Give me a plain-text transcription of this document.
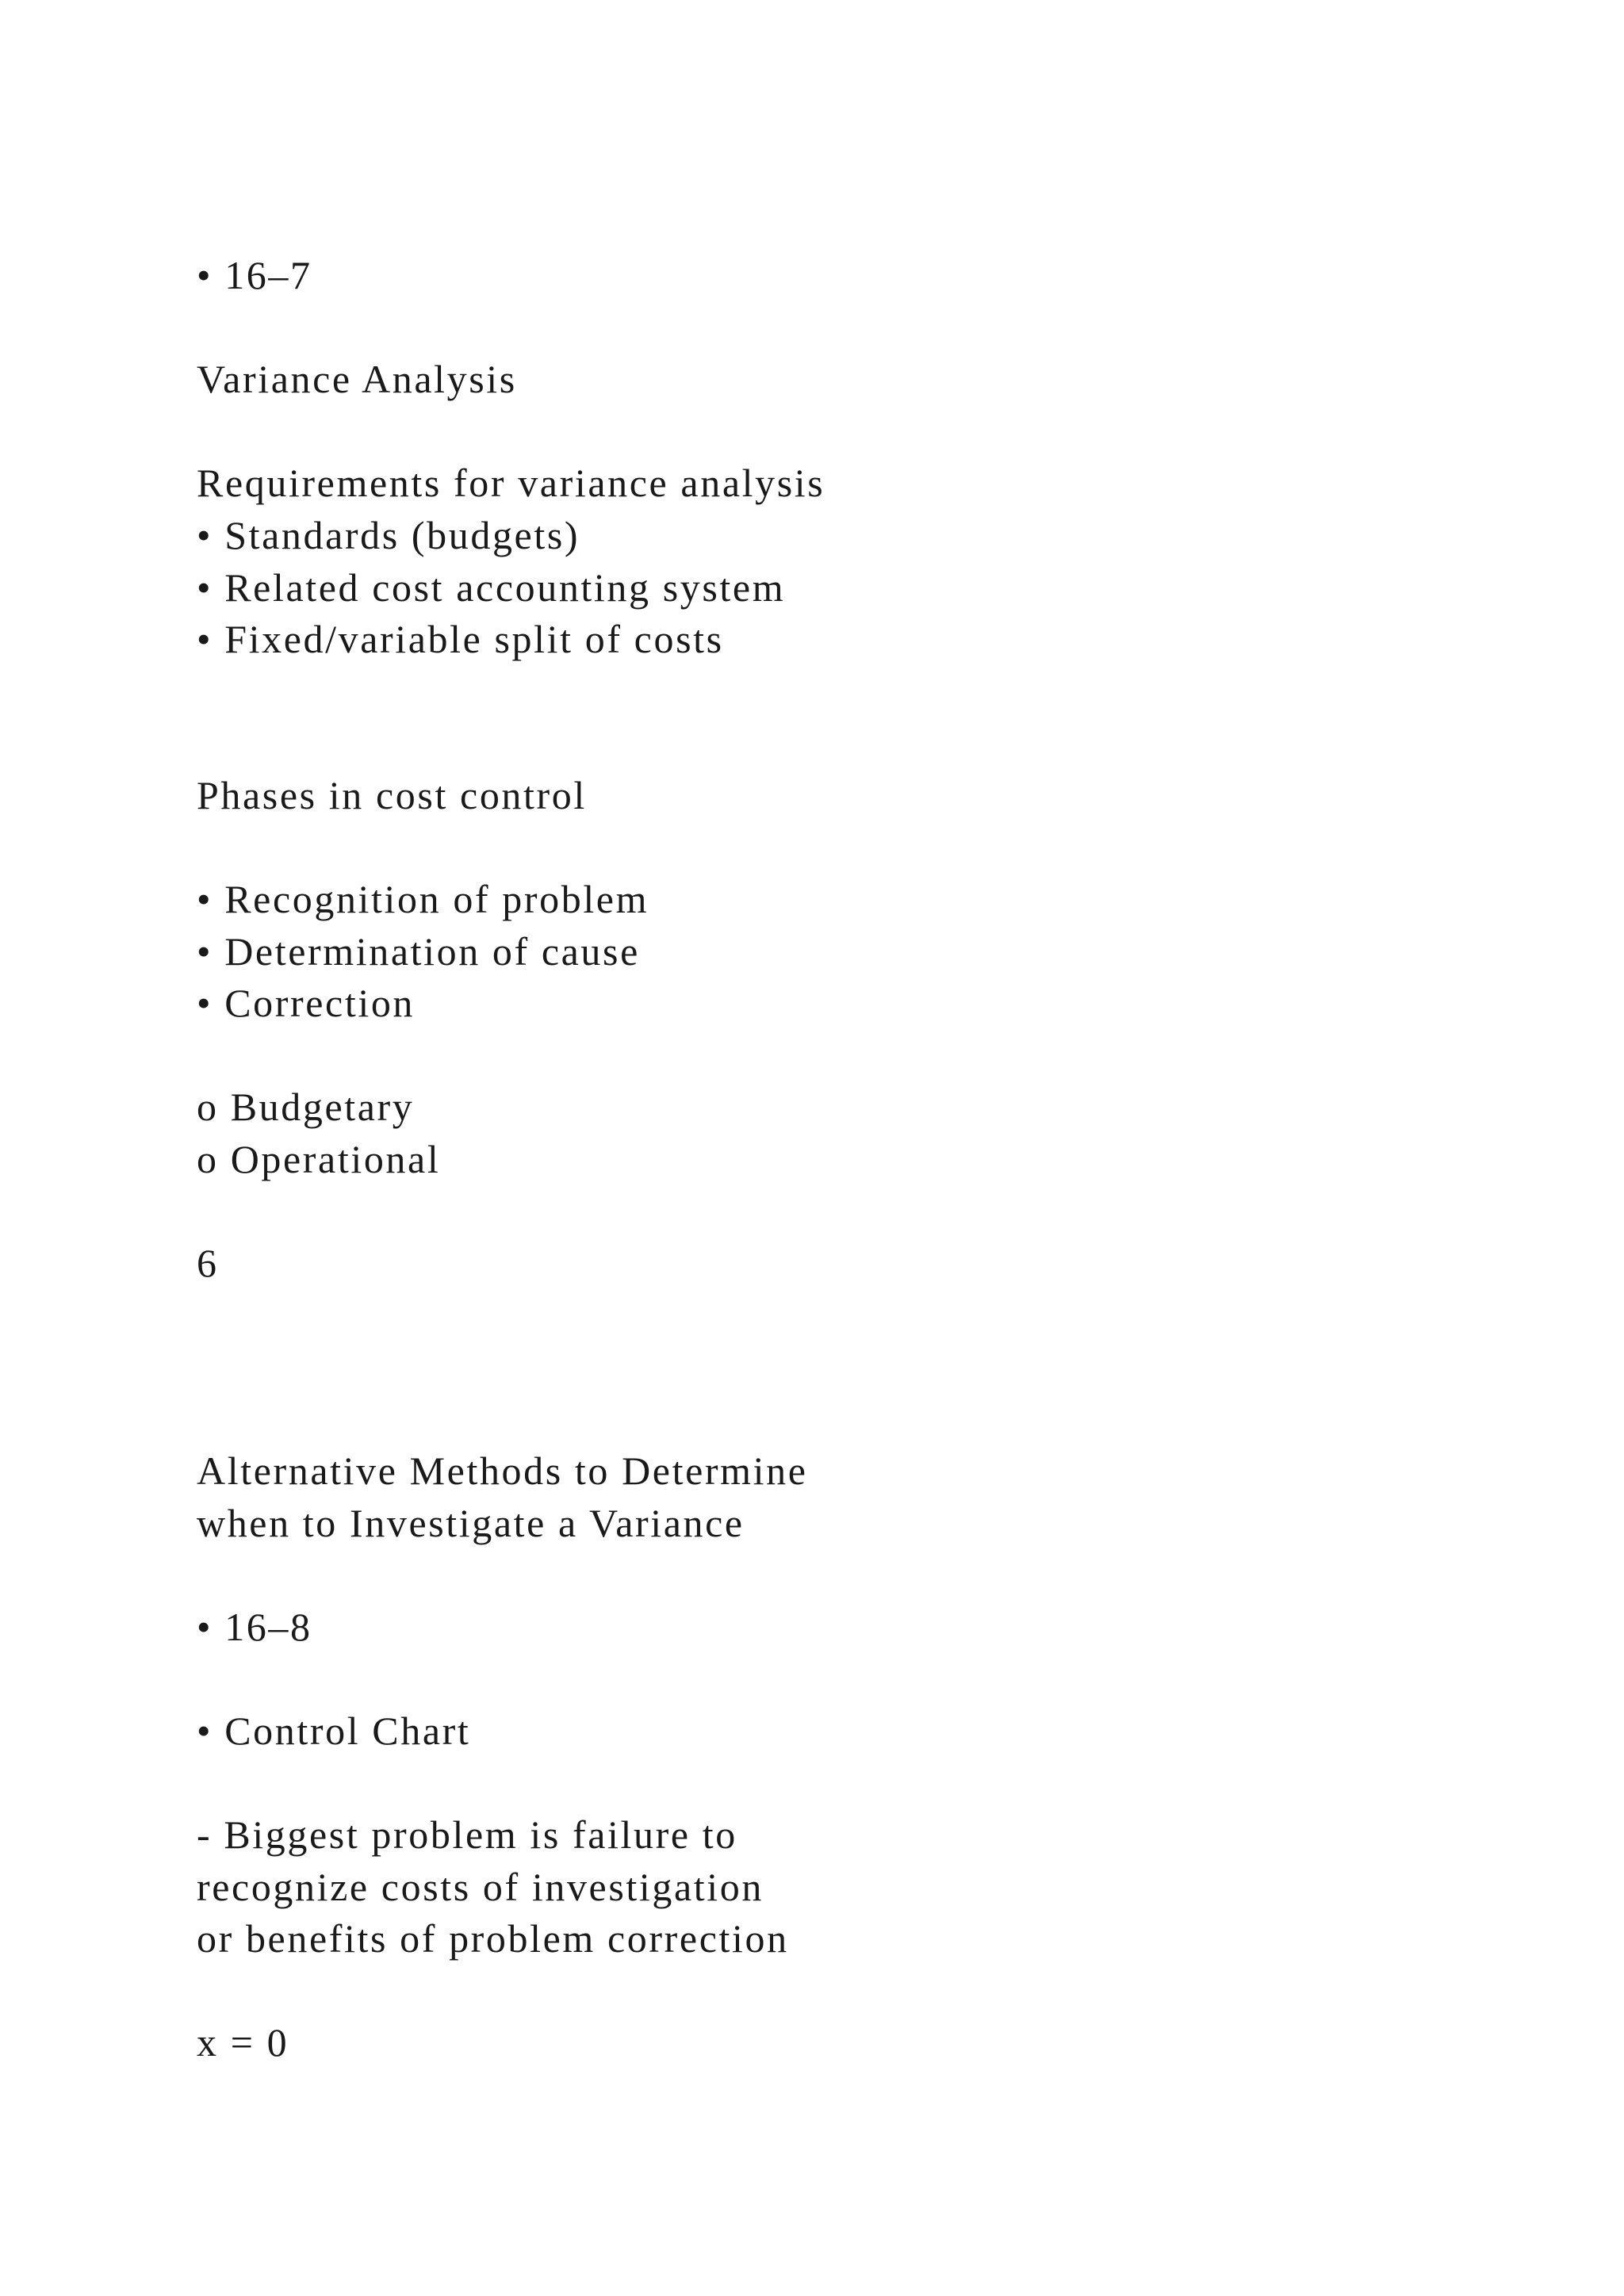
• 16–7
Variance Analysis
Requirements for variance analysis
• Standards (budgets)
• Related cost accounting system
• Fixed/variable split of costs
Phases in cost control
• Recognition of problem
• Determination of cause
• Correction
o Budgetary
o Operational
6
Alternative Methods to Determine
when to Investigate a Variance
• 16–8
• Control Chart
- Biggest problem is failure to
recognize costs of investigation
or benefits of problem correction
x = 0
